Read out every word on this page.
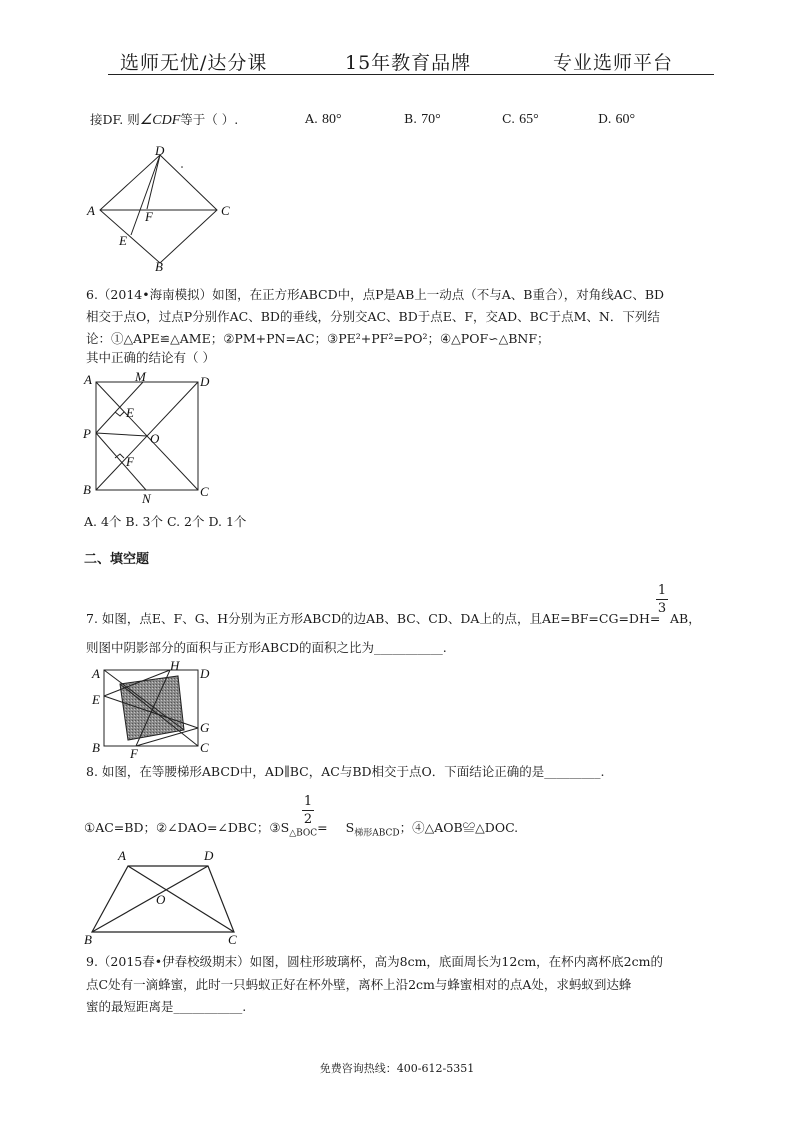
选师无忧/达分课	15年教育品牌	专业选师平台
接DF. 则∠CDF等于（ ）.	A. 80°	B. 70°	C. 65°	D. 60°
D
A	F	C
E
B
6.（2014•海南模拟）如图，在正方形ABCD中，点P是AB上一动点（不与A、B重合），对角线AC、BD
相交于点O，过点P分别作AC、BD的垂线，分别交AC、BD于点E、F，交AD、BC于点M、N．下列结
论：①△APE≌△AME；②PM+PN=AC；③PE²+PF²=PO²；④△POF∽△BNF；
其中正确的结论有（ ）
A	M	D
E
P	O
F
B
N	C
A. 4个 B. 3个 C. 2个 D. 1个
二、填空题
7. 如图，点E、F、G、H分别为正方形ABCD的边AB、BC、CD、DA上的点，且AE=BF=CG=DH=
1
3
AB，
则图中阴影部分的面积与正方形ABCD的面积之比为___________.
A
H
D
E
G
B F	C
8. 如图，在等腰梯形ABCD中，AD∥BC，AC与BD相交于点O．下面结论正确的是_________.
①AC=BD；②∠DAO=∠DBC；$③S_{\triangle BOC}= S_{梯形ABCD}$；④△AOB≌△DOC.
1
2
A	D
O
B	C
9.（2015春•伊春校级期末）如图，圆柱形玻璃杯，高为8cm，底面周长为12cm，在杯内离杯底2cm的
点C处有一滴蜂蜜，此时一只蚂蚁正好在杯外壁，离杯上沿2cm与蜂蜜相对的点A处，求蚂蚁到达蜂
蜜的最短距离是___________.
免费咨询热线：400-612-5351
